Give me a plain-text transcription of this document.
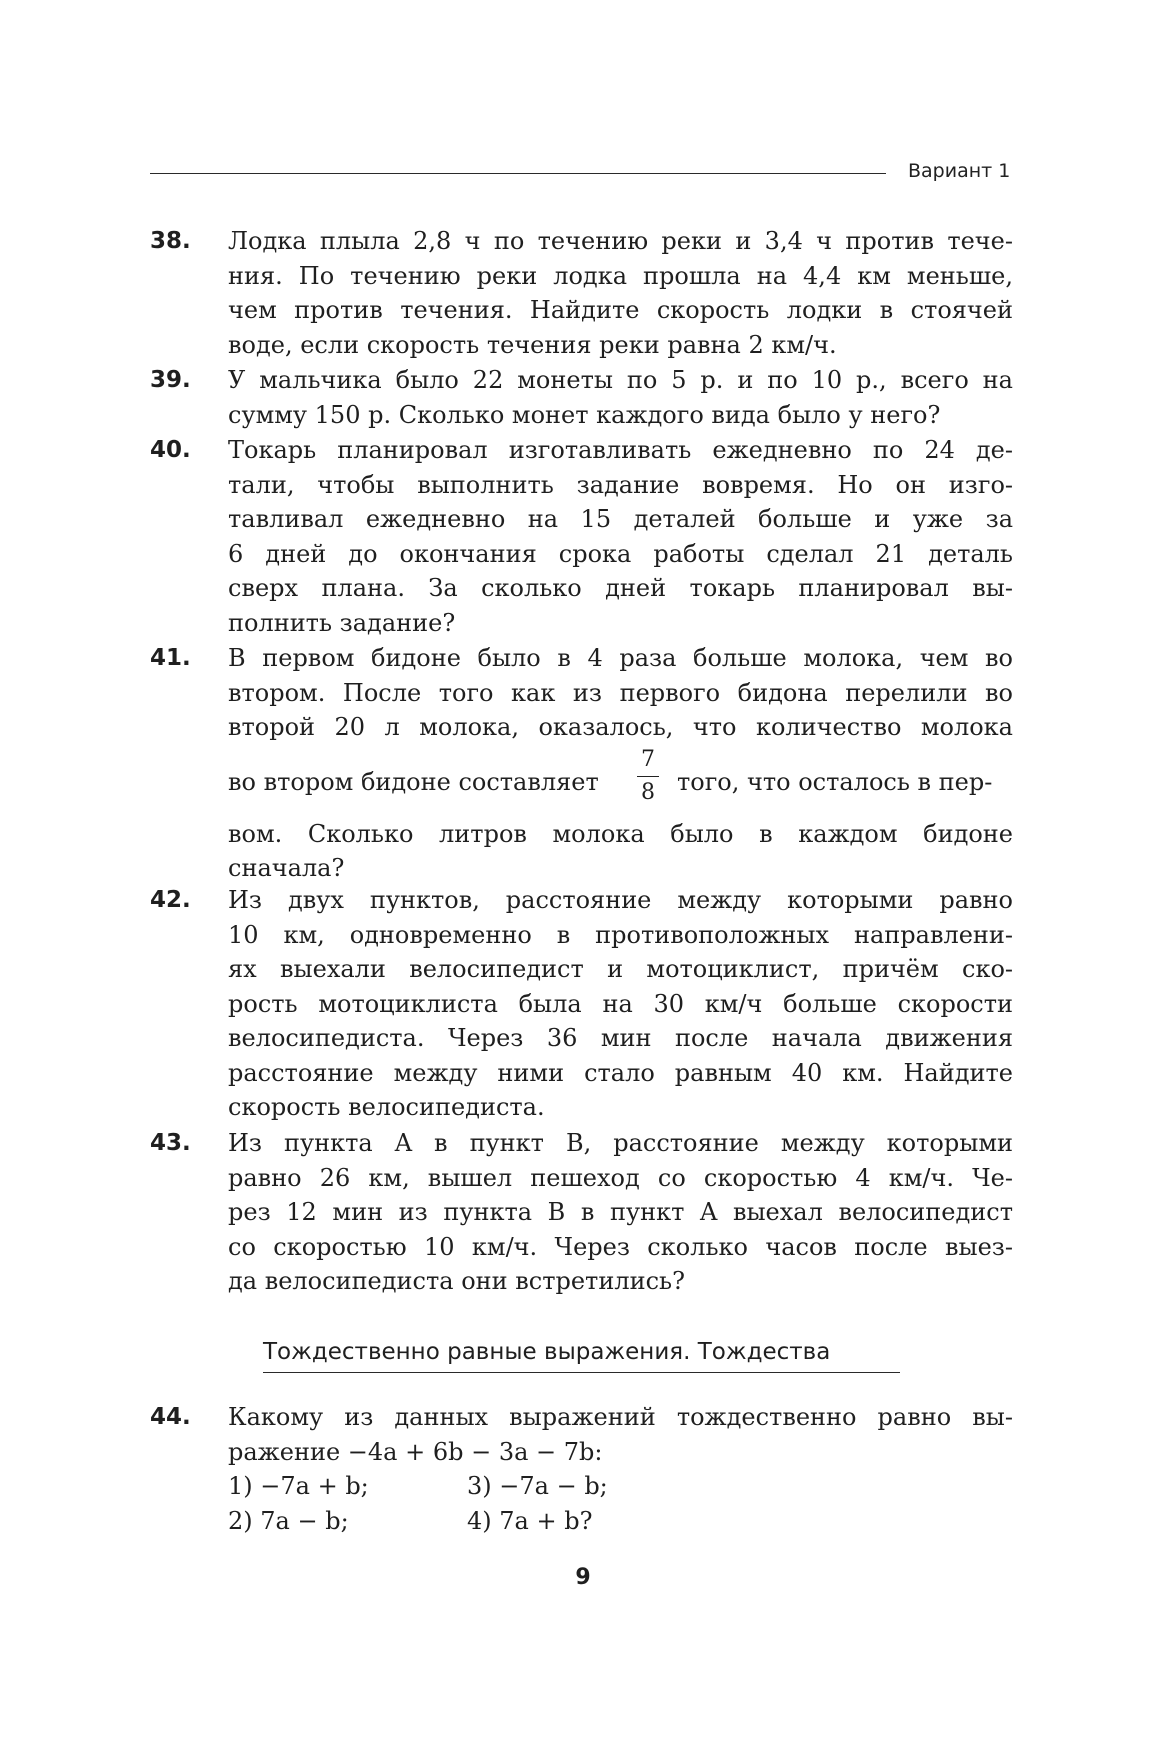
Вариант 1
38. Лодка плыла 2,8 ч по течению реки и 3,4 ч против тече-
ния. По течению реки лодка прошла на 4,4 км меньше,
чем против течения. Найдите скорость лодки в стоячей
воде, если скорость течения реки равна 2 км/ч.
39. У мальчика было 22 монеты по 5 р. и по 10 р., всего на
сумму 150 р. Сколько монет каждого вида было у него?
40. Токарь планировал изготавливать ежедневно по 24 де-
тали, чтобы выполнить задание вовремя. Но он изго-
тавливал ежедневно на 15 деталей больше и уже за
6 дней до окончания срока работы сделал 21 деталь
сверх плана. За сколько дней токарь планировал вы-
полнить задание?
41. В первом бидоне было в 4 раза больше молока, чем во
втором. После того как из первого бидона перелили во
второй 20 л молока, оказалось, что количество молока
во втором бидоне составляет
7
8 того, что осталось в пер-
вом. Сколько литров молока было в каждом бидоне
сначала?
42. Из двух пунктов, расстояние между которыми равно
10 км, одновременно в противоположных направлени-
ях выехали велосипедист и мотоциклист, причём ско-
рость мотоциклиста была на 30 км/ч больше скорости
велосипедиста. Через 36 мин после начала движения
расстояние между ними стало равным 40 км. Найдите
скорость велосипедиста.
43. Из пункта A в пункт B, расстояние между которыми
равно 26 км, вышел пешеход со скоростью 4 км/ч. Че-
рез 12 мин из пункта B в пункт A выехал велосипедист
со скоростью 10 км/ч. Через сколько часов после выез-
да велосипедиста они встретились?
Тождественно равные выражения. Тождества
44. Какому из данных выражений тождественно равно вы-
ражение −4a + 6b − 3a − 7b:
1) −7a + b;	3) −7a − b;
2) 7a − b;	4) 7a + b?
9
